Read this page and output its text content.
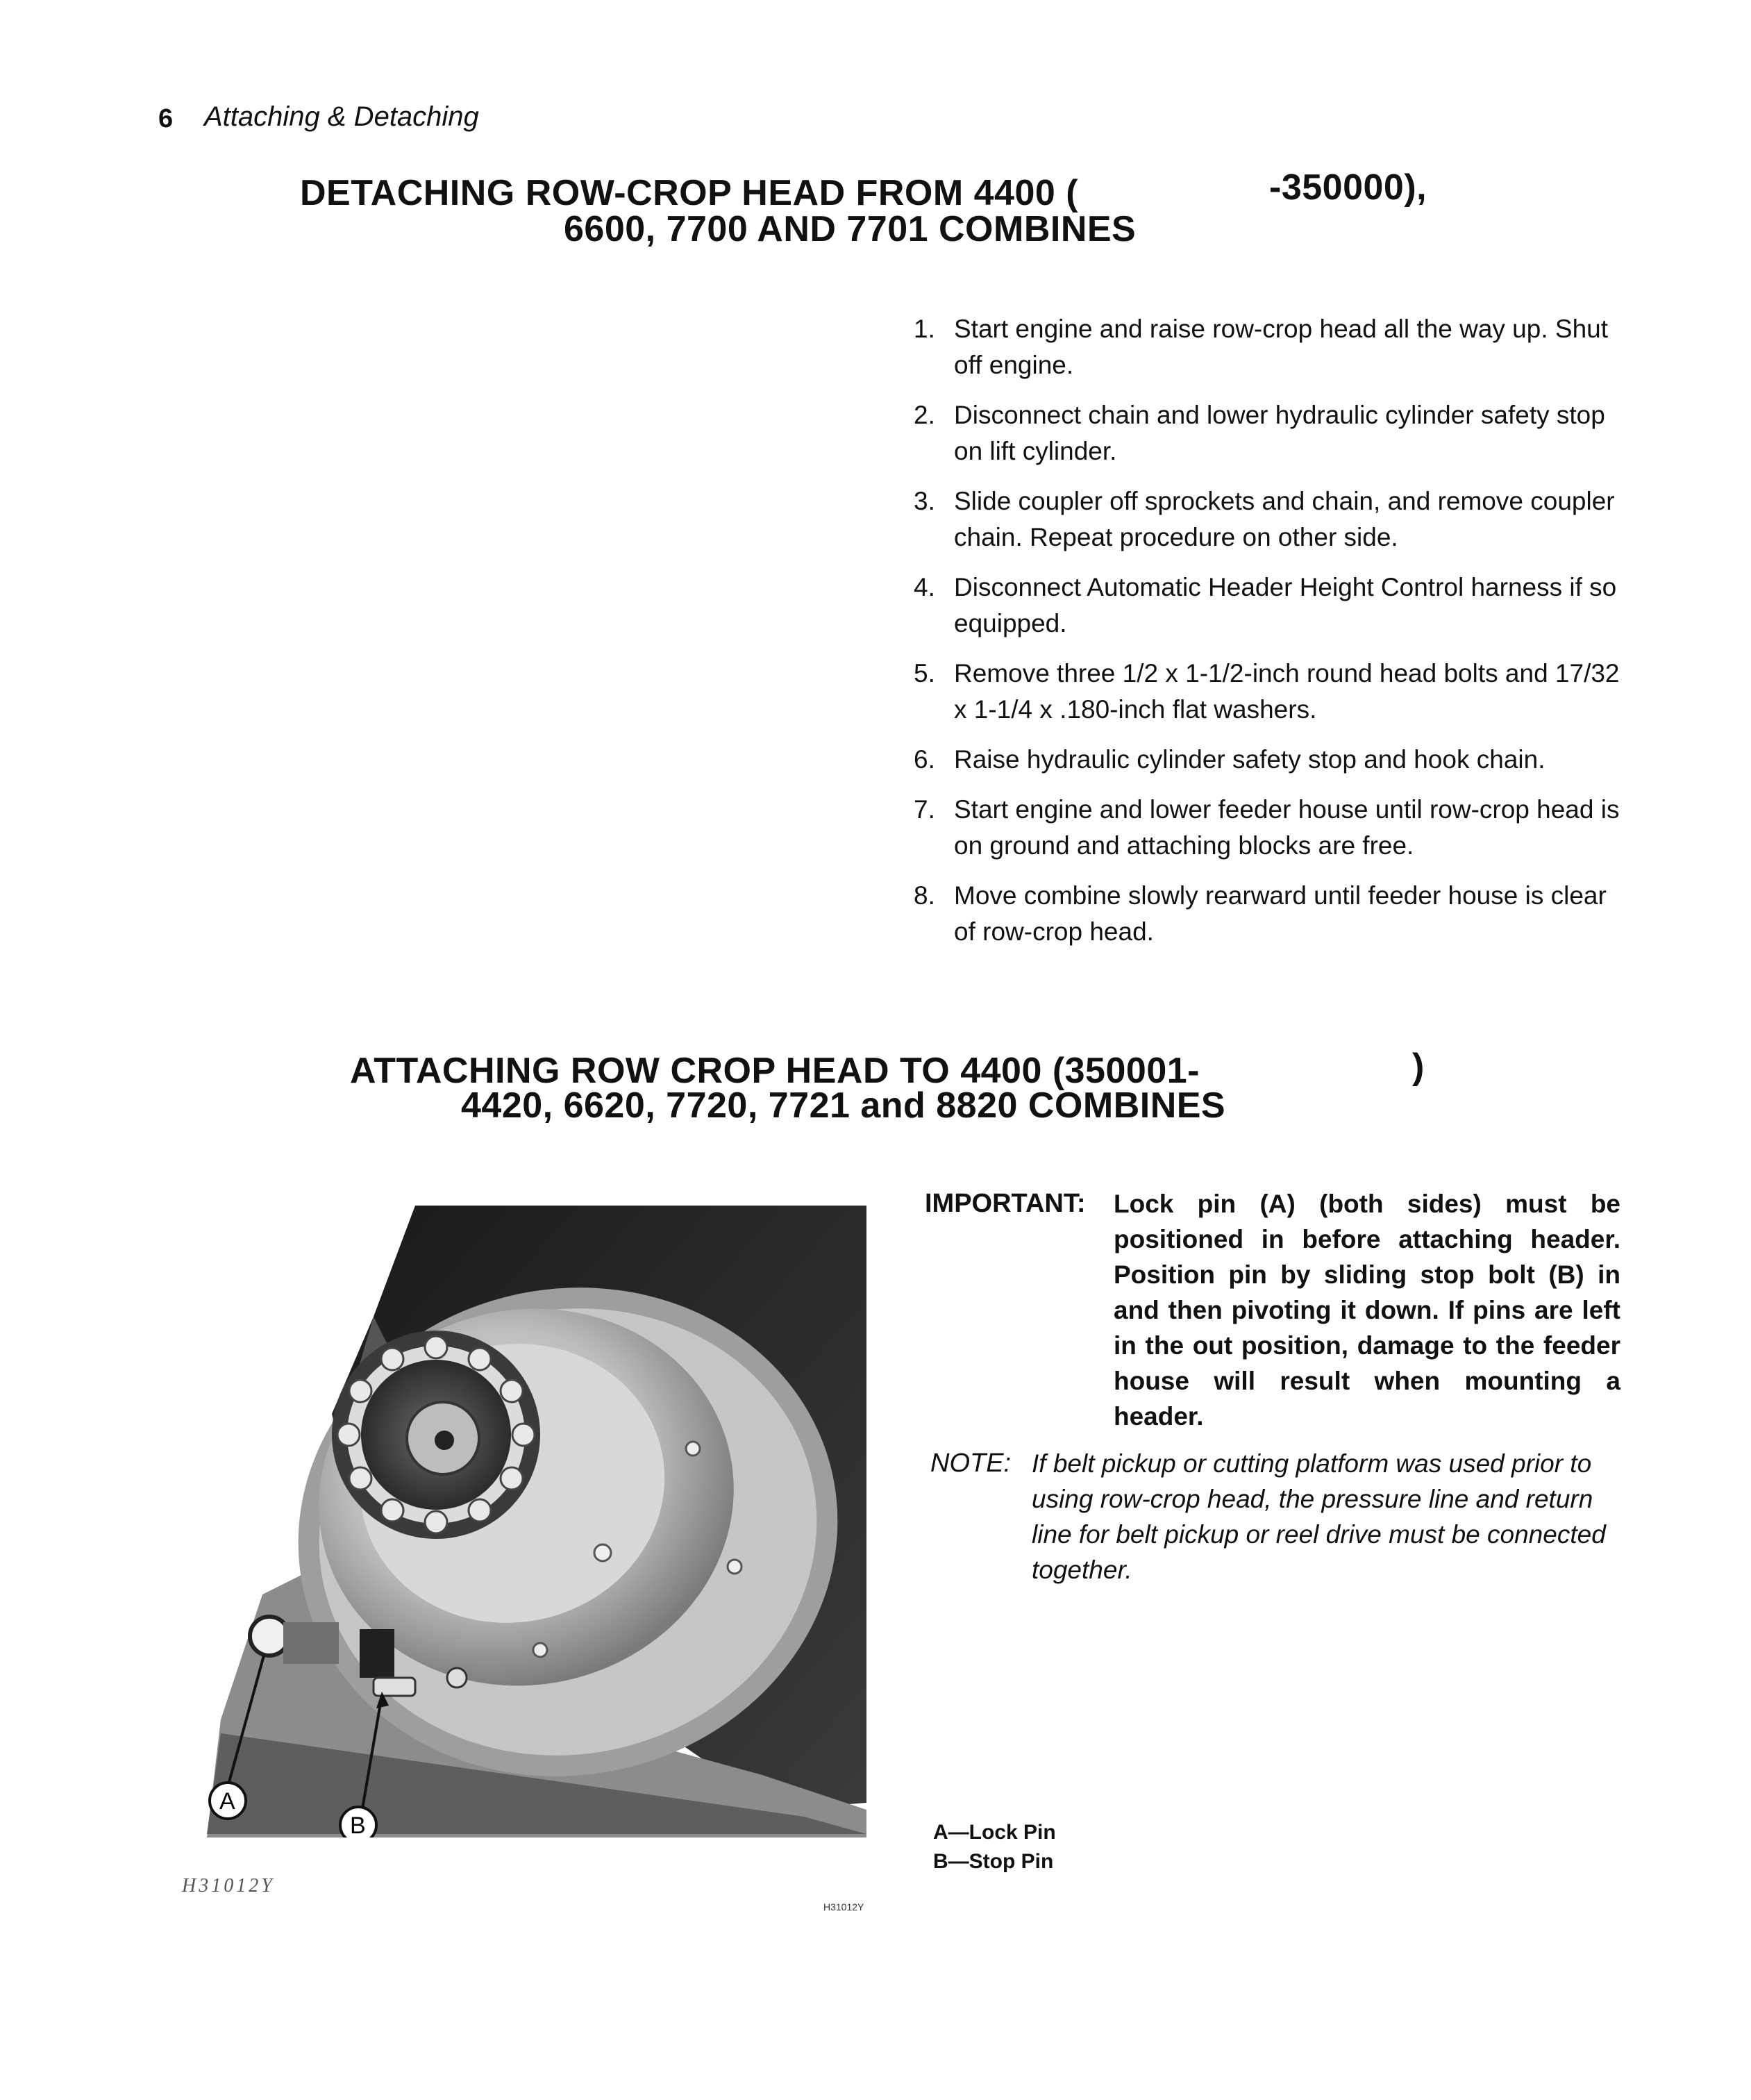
6 Attaching & Detaching
DETACHING ROW-CROP HEAD FROM 4400 (	-350000),
6600, 7700 AND 7701 COMBINES
1. Start engine and raise row-crop head all the way up. Shut off engine.
2. Disconnect chain and lower hydraulic cylinder safety stop on lift cylinder.
3. Slide coupler off sprockets and chain, and remove coupler chain. Repeat procedure on other side.
4. Disconnect Automatic Header Height Control harness if so equipped.
5. Remove three 1/2 x 1-1/2-inch round head bolts and 17/32 x 1-1/4 x .180-inch flat washers.
6. Raise hydraulic cylinder safety stop and hook chain.
7. Start engine and lower feeder house until row-crop head is on ground and attaching blocks are free.
8. Move combine slowly rearward until feeder house is clear of row-crop head.
ATTACHING ROW CROP HEAD TO 4400 (350001-	)
4420, 6620, 7720, 7721 and 8820 COMBINES
A
B
H31012Y
H31012Y
IMPORTANT: Lock pin (A) (both sides) must be positioned in before attaching header. Position pin by sliding stop bolt (B) in and then pivoting it down. If pins are left in the out position, damage to the feeder house will result when mounting a header.
NOTE: If belt pickup or cutting platform was used prior to using row-crop head, the pressure line and return line for belt pickup or reel drive must be connected together.
A—Lock Pin
B—Stop Pin
